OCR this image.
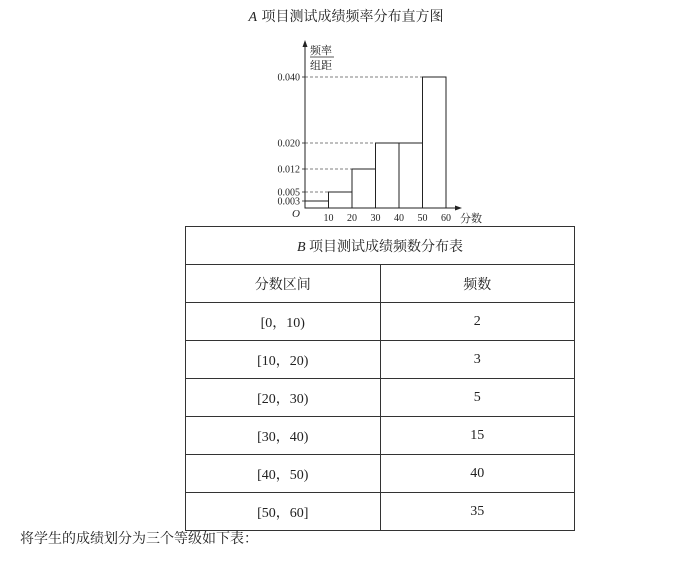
A 项目测试成绩频率分布直方图
0.003
0.005
0.012
0.020
0.040
10 20 30 40 50 60
频率
组距
分数
O
B 项目测试成绩频数分布表	
分数区间	频数
[0，10)	2
[10，20)	3
[20，30)	5
[30，40)	15
[40，50)	40
[50，60]	35
将学生的成绩划分为三个等级如下表：
